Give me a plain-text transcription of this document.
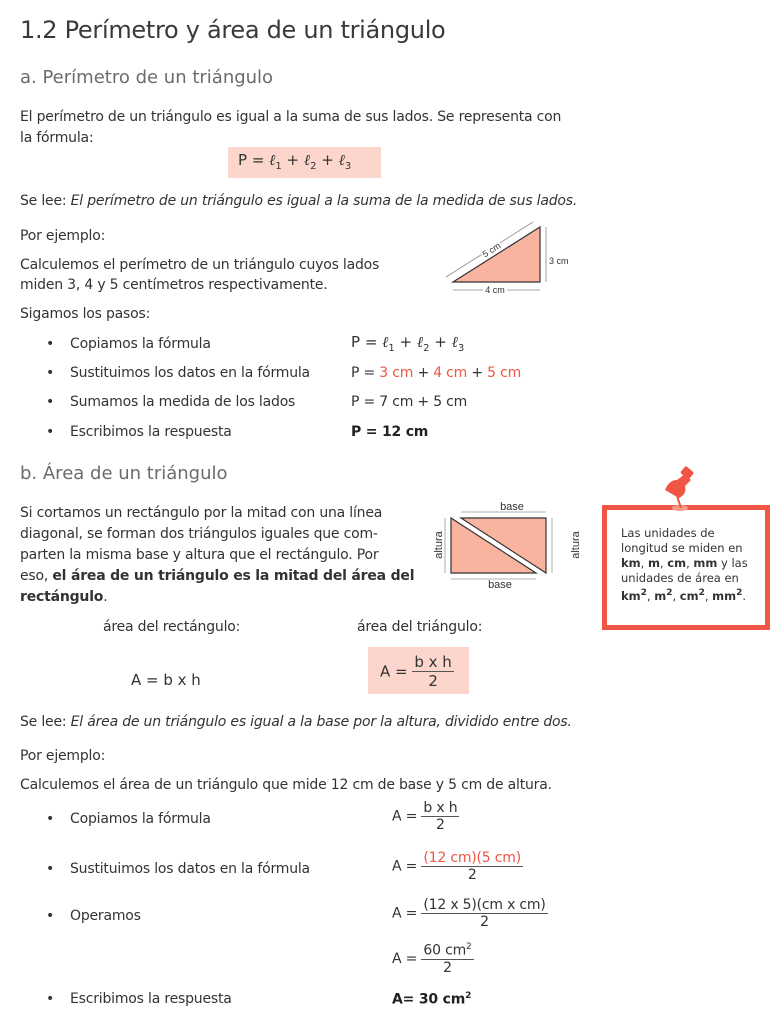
1.2 Perímetro y área de un triángulo
a. Perímetro de un triángulo
El perímetro de un triángulo es igual a la suma de sus lados. Se representa con
la fórmula:
P = ℓ$_1$ + ℓ$_2$ + ℓ$_3$
Se lee: El perímetro de un triángulo es igual a la suma de la medida de sus lados.
Por ejemplo:
Calculemos el perímetro de un triángulo cuyos lados
miden 3, 4 y 5 centímetros respectivamente.
Sigamos los pasos:
5 cm
3 cm
4 cm
• Copiamos la fórmula	P = ℓ$_1$ + ℓ$_2$ + ℓ$_3$
• Sustituimos los datos en la fórmula	P = 3 cm + 4 cm + 5 cm
• Sumamos la medida de los lados	P = 7 cm + 5 cm
• Escribimos la respuesta	P = 12 cm
b. Área de un triángulo
Si cortamos un rectángulo por la mitad con una línea
diagonal, se forman dos triángulos iguales que com-
parten la misma base y altura que el rectángulo. Por
eso, el área de un triángulo es la mitad del área del
rectángulo.
base
base
altura	altura	Las unidades de
longitud se miden en
km, m, cm, mm y las
unidades de área en
$km^2$, $m^2$, $cm^2$, $mm^2$.
área del rectángulo:	área del triángulo:
A = b x h	$A = \frac{\text{b x h}}{2}$
Se lee: El área de un triángulo es igual a la base por la altura, dividido entre dos.
Por ejemplo:
Calculemos el área de un triángulo que mide 12 cm de base y 5 cm de altura.
• Copiamos la fórmula	$A = \frac{\text{b x h}}{2}$
• Sustituimos los datos en la fórmula	$A = \frac{(12 cm)(5 cm)}{2}$
• Operamos	$A = \frac{\text{(12 x 5)(cm x cm)}}{2}$
$A = \frac{60 cm^2}{2}$
• Escribimos la respuesta	A= 30 $cm^2$
